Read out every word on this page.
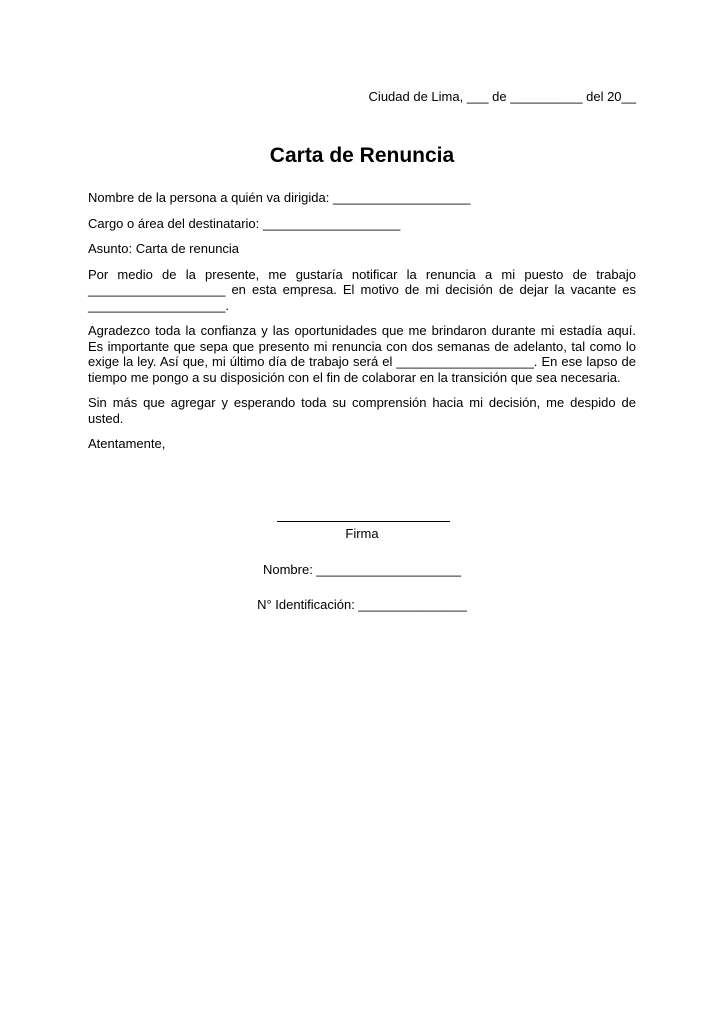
Ciudad de Lima, ___ de __________ del 20__
Carta de Renuncia

Nombre de la persona a quién va dirigida: ___________________

Cargo o área del destinatario: ___________________

Asunto: Carta de renuncia

Por medio de la presente, me gustaría notificar la renuncia a mi puesto de trabajo ___________________ en esta empresa. El motivo de mi decisión de dejar la vacante es ___________________.

Agradezco toda la confianza y las oportunidades que me brindaron durante mi estadía aquí. Es importante que sepa que presento mi renuncia con dos semanas de adelanto, tal como lo exige la ley. Así que, mi último día de trabajo será el ___________________. En ese lapso de tiempo me pongo a su disposición con el fin de colaborar en la transición que sea necesaria.

Sin más que agregar y esperando toda su comprensión hacia mi decisión, me despido de usted.

Atentamente,

Firma
Nombre: ____________________
N° Identificación: _______________
